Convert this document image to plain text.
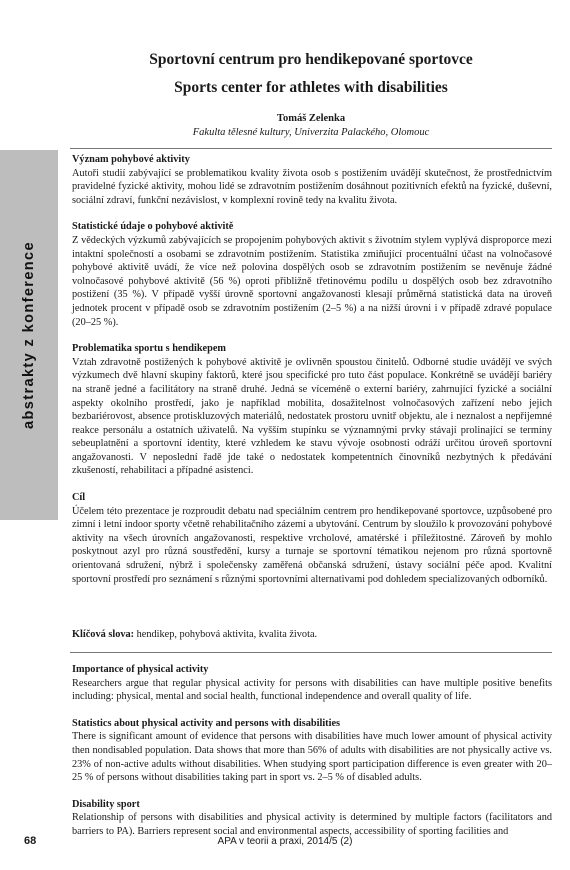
abstrakty z konference
Sportovní centrum pro hendikepované sportovce
Sports center for athletes with disabilities
Tomáš Zelenka
Fakulta tělesné kultury, Univerzita Palackého, Olomouc
Význam pohybové aktivity

Autoři studií zabývající se problematikou kvality života osob s postižením uvádějí skutečnost, že prostřednictvím pravidelné fyzické aktivity, mohou lidé se zdravotním postižením dosáhnout pozitivních efektů na fyzické, duševní, sociální zdraví, funkční nezávislost, v komplexní rovině tedy na kvalitu života.

Statistické údaje o pohybové aktivitě

Z vědeckých výzkumů zabývajících se propojením pohybových aktivit s životním stylem vyplývá disproporce mezi intaktní společností a osobami se zdravotním postižením. Statistika zmiňující procentuální účast na volnočasové pohybové aktivitě uvádí, že více než polovina dospělých osob se zdravotním postižením se nevěnuje žádné volnočasové pohybové aktivitě (56 %) oproti přibližně třetinovému podílu u dospělých osob bez zdravotního postižení (35 %). V případě vyšší úrovně sportovní angažovanosti klesají průměrná statistická data na úroveň jednotek procent v případě osob se zdravotním postižením (2–5 %) a na nižší úrovni i v případě zdravé populace (20–25 %).

Problematika sportu s hendikepem

Vztah zdravotně postižených k pohybové aktivitě je ovlivněn spoustou činitelů. Odborné studie uvádějí ve svých výzkumech dvě hlavní skupiny faktorů, které jsou specifické pro tuto část populace. Konkrétně se uvádějí bariéry na straně jedné a facilitátory na straně druhé. Jedná se víceméně o externí bariéry, zahrnující fyzické a sociální aspekty okolního prostředí, jako je například mobilita, dosažitelnost volnočasových zařízení nebo jejich bezbariérovost, absence protiskluzových materiálů, nedostatek prostoru uvnitř objektu, ale i neznalost a nepřijemné reakce personálu a ostatních uživatelů. Na vyšším stupínku se významnými prvky stávají prolinající se termíny sebeuplatnění a sportovní identity, které vzhledem ke stavu vývoje osobnosti odráží určitou úroveň sportovní angažovanosti. V neposlední řadě jde také o nedostatek kompetentních činovníků nezbytných k předávání zkušeností, rehabilitaci a případné asistenci.

Cíl

Účelem této prezentace je rozproudit debatu nad speciálním centrem pro hendikepované sportovce, uzpůsobené pro zimní i letní indoor sporty včetně rehabilitačního zázemí a ubytování. Centrum by sloužilo k provozování pohybové aktivity na všech úrovních angažovanosti, respektive vrcholové, amatérské i příležitostné. Zároveň by mohlo poskytnout azyl pro různá soustředění, kursy a turnaje se sportovní tématikou nejenom pro různá sportovně orientovaná sdružení, nýbrž i společensky zaměřená občanská sdružení, ústavy sociální péče apod. Kvalitní sportovní prostředí pro seznámení s různými sportovními alternativami pod dohledem specializovaných odborníků.

Klíčová slova: hendikep, pohybová aktivita, kvalita života.
Importance of physical activity

Researchers argue that regular physical activity for persons with disabilities can have multiple positive benefits including: physical, mental and social health, functional independence and overall quality of life.

Statistics about physical activity and persons with disabilities

There is significant amount of evidence that persons with disabilities have much lower amount of physical activity then nondisabled population. Data shows that more than 56% of adults with disabilities are not physically active vs. 23% of non-active adults without disabilities. When studying sport participation difference is even greater with 20–25 % of persons without disabilities taking part in sport vs. 2–5 % of disabled adults.

Disability sport

Relationship of persons with disabilities and physical activity is determined by multiple factors (facilitators and barriers to PA). Barriers represent social and environmental aspects, accessibility of sporting facilities and

68	APA v teorii a praxi, 2014/5 (2)
